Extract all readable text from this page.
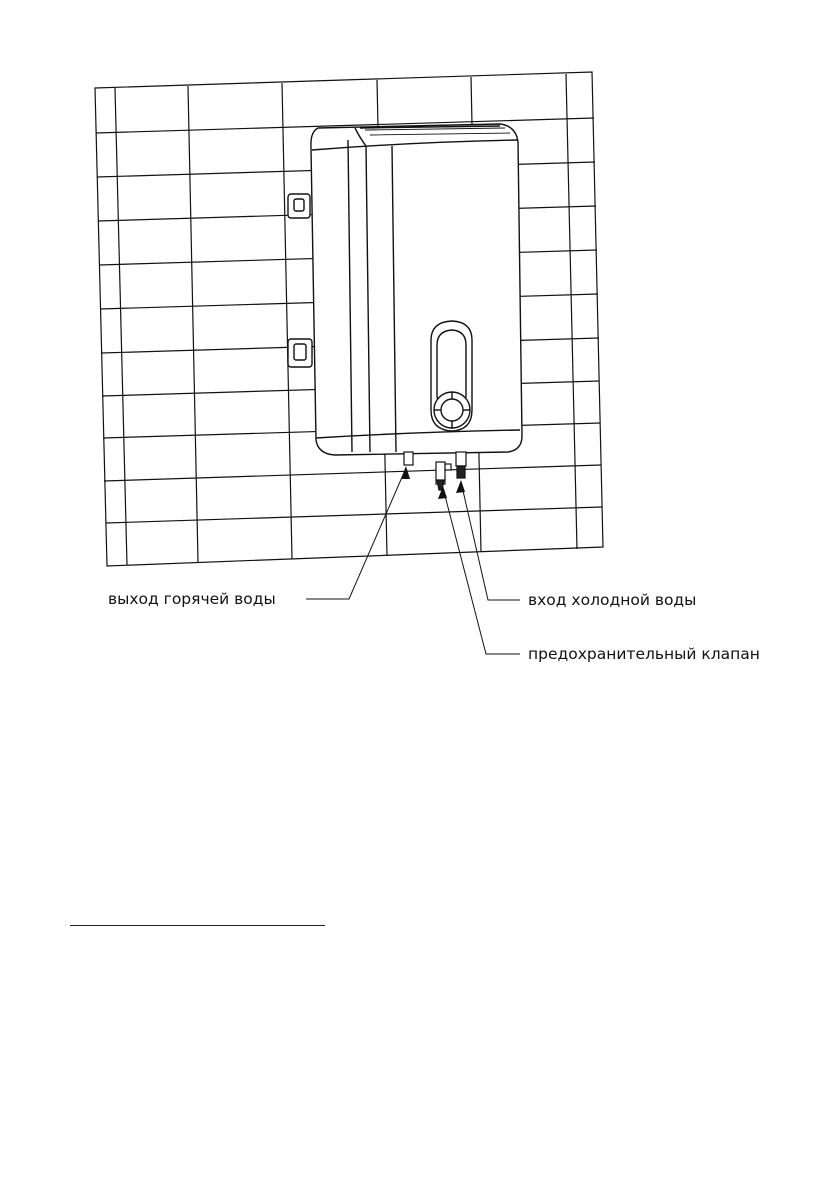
выход горячей воды	вход холодной воды
предохранительный клапан
